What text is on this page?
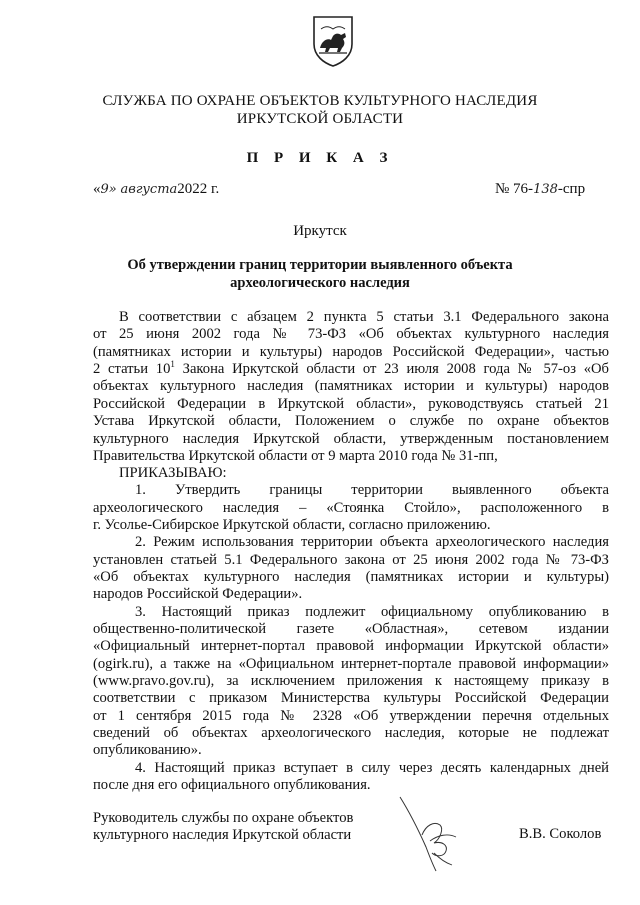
СЛУЖБА ПО ОХРАНЕ ОБЪЕКТОВ КУЛЬТУРНОГО НАСЛЕДИЯ
ИРКУТСКОЙ ОБЛАСТИ
П Р И К А З
«9» августа2022 г.	№ 76-138-спр
Иркутск
Об утверждении границ территории выявленного объекта
археологического наследия
В соответствии с абзацем 2 пункта 5 статьи 3.1 Федерального закона
от 25 июня 2002 года № 73-ФЗ «Об объектах культурного наследия
(памятниках истории и культуры) народов Российской Федерации», частью
2 статьи $10^1$ Закона Иркутской области от 23 июля 2008 года № 57-оз «Об
объектах культурного наследия (памятниках истории и культуры) народов
Российской Федерации в Иркутской области», руководствуясь статьей 21
Устава Иркутской области, Положением о службе по охране объектов
культурного наследия Иркутской области, утвержденным постановлением
Правительства Иркутской области от 9 марта 2010 года № 31-пп,
ПРИКАЗЫВАЮ:
1. Утвердить границы территории выявленного объекта
археологического наследия – «Стоянка Стойло», расположенного в
г. Усолье-Сибирское Иркутской области, согласно приложению.
2. Режим использования территории объекта археологического наследия
установлен статьей 5.1 Федерального закона от 25 июня 2002 года № 73-ФЗ
«Об объектах культурного наследия (памятниках истории и культуры)
народов Российской Федерации».
3. Настоящий приказ подлежит официальному опубликованию в
общественно-политической газете «Областная», сетевом издании
«Официальный интернет-портал правовой информации Иркутской области»
(ogirk.ru), а также на «Официальном интернет-портале правовой информации»
(www.pravo.gov.ru), за исключением приложения к настоящему приказу в
соответствии с приказом Министерства культуры Российской Федерации
от 1 сентября 2015 года № 2328 «Об утверждении перечня отдельных
сведений об объектах археологического наследия, которые не подлежат
опубликованию».
4. Настоящий приказ вступает в силу через десять календарных дней
после дня его официального опубликования.
Руководитель службы по охране объектов
культурного наследия Иркутской области	В.В. Соколов
